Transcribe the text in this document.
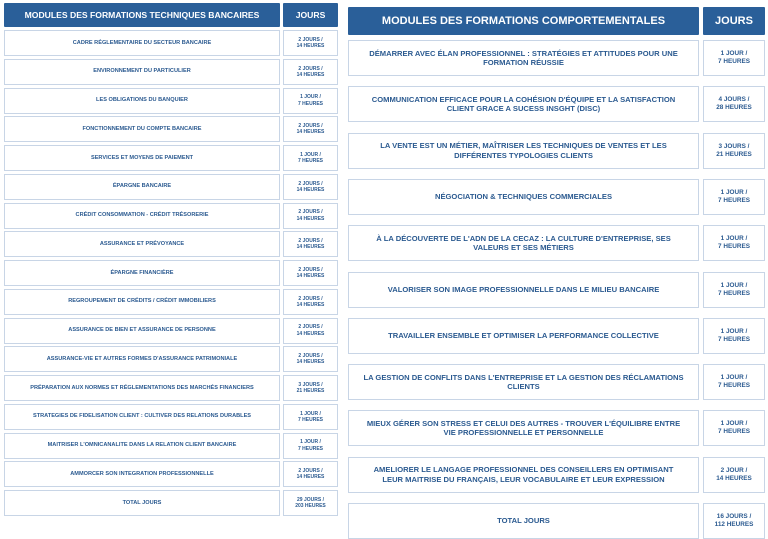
MODULES DES FORMATIONS TECHNIQUES BANCAIRES	JOURS
CADRE RÉGLEMENTAIRE DU SECTEUR BANCAIRE	2 JOURS /
14 HEURES
ENVIRONNEMENT DU PARTICULIER	2 JOURS /
14 HEURES
LES OBLIGATIONS DU BANQUIER	1 JOUR /
7 HEURES
FONCTIONNEMENT DU COMPTE BANCAIRE	2 JOURS /
14 HEURES
SERVICES ET MOYENS DE PAIEMENT	1 JOUR /
7 HEURES
ÉPARGNE BANCAIRE	2 JOURS /
14 HEURES
CRÉDIT CONSOMMATION - CRÉDIT TRÉSORERIE	2 JOURS /
14 HEURES
ASSURANCE ET PRÉVOYANCE	2 JOURS /
14 HEURES
ÉPARGNE FINANCIÈRE	2 JOURS /
14 HEURES
REGROUPEMENT DE CRÉDITS / CRÉDIT IMMOBILIERS	2 JOURS /
14 HEURES
ASSURANCE DE BIEN ET ASSURANCE DE PERSONNE	2 JOURS /
14 HEURES
ASSURANCE-VIE ET AUTRES FORMES D'ASSURANCE PATRIMONIALE	2 JOURS /
14 HEURES
PRÉPARATION AUX NORMES ET RÉGLEMENTATIONS DES MARCHÉS FINANCIERS	3 JOURS /
21 HEURES
STRATEGIES DE FIDELISATION CLIENT : CULTIVER DES RELATIONS DURABLES	1 JOUR /
7 HEURES
MAITRISER L'OMNICANALITE DANS LA RELATION CLIENT BANCAIRE	1 JOUR /
7 HEURES
AMMORCER SON INTEGRATION PROFESSIONNELLE	2 JOURS /
14 HEURES
TOTAL JOURS	29 JOURS /
203 HEURES
MODULES DES FORMATIONS COMPORTEMENTALES	JOURS
DÉMARRER AVEC ÉLAN PROFESSIONNEL : STRATÉGIES ET ATTITUDES POUR UNE FORMATION RÉUSSIE
1 JOUR /
7 HEURES
COMMUNICATION EFFICACE POUR LA COHÉSION D'ÉQUIPE ET LA SATISFACTION CLIENT GRACE A SUCESS INSGHT (DISC)
4 JOURS /
28 HEURES
LA VENTE EST UN MÉTIER, MAÎTRISER LES TECHNIQUES DE VENTES ET LES DIFFÉRENTES TYPOLOGIES CLIENTS
3 JOURS /
21 HEURES
NÉGOCIATION & TECHNIQUES COMMERCIALES	1 JOUR /
7 HEURES
À LA DÉCOUVERTE DE L'ADN DE LA CECAZ : LA CULTURE D'ENTREPRISE, SES VALEURS ET SES MÉTIERS
1 JOUR /
7 HEURES
VALORISER SON IMAGE PROFESSIONNELLE DANS LE MILIEU BANCAIRE	1 JOUR /
7 HEURES
TRAVAILLER ENSEMBLE ET OPTIMISER LA PERFORMANCE COLLECTIVE	1 JOUR /
7 HEURES
LA GESTION DE CONFLITS DANS L'ENTREPRISE ET LA GESTION DES RÉCLAMATIONS CLIENTS
1 JOUR /
7 HEURES
MIEUX GÉRER SON STRESS ET CELUI DES AUTRES - TROUVER L'ÉQUILIBRE ENTRE VIE PROFESSIONNELLE ET PERSONNELLE
1 JOUR /
7 HEURES
AMELIORER LE LANGAGE PROFESSIONNEL DES CONSEILLERS EN OPTIMISANT LEUR MAITRISE DU FRANÇAIS, LEUR VOCABULAIRE ET LEUR EXPRESSION
2 JOUR /
14 HEURES
TOTAL JOURS	16 JOURS /
112 HEURES
